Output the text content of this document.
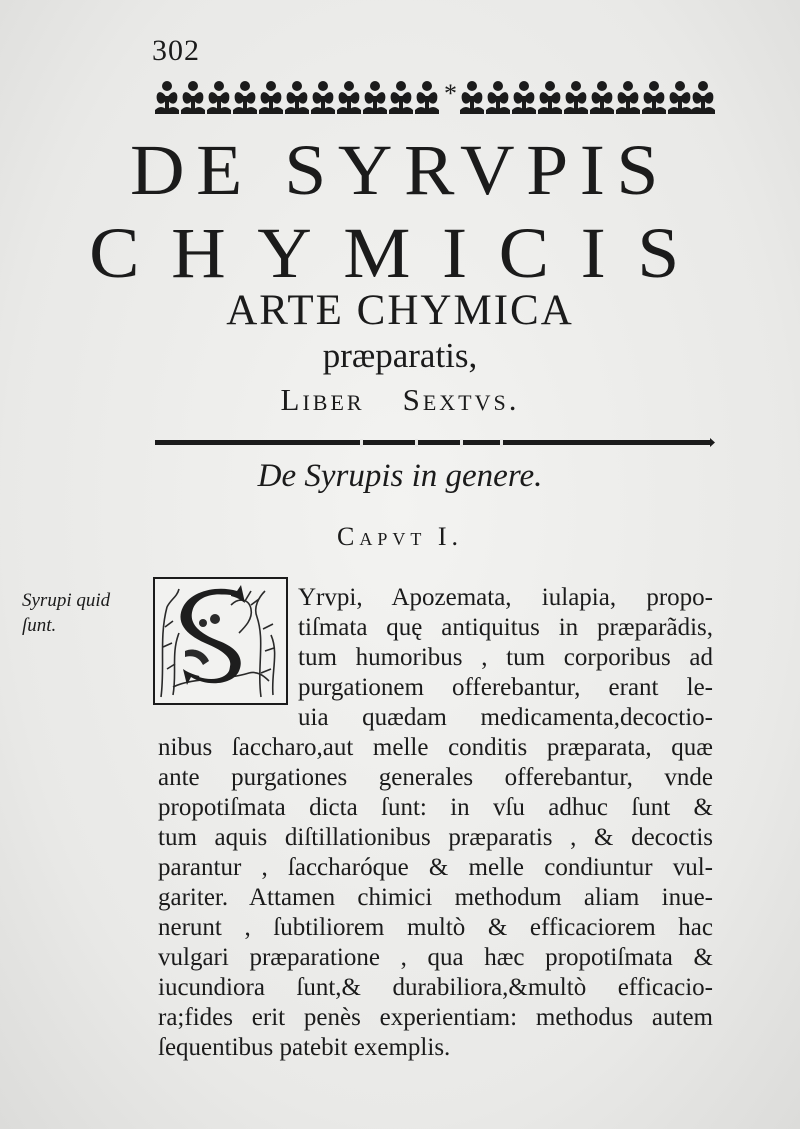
302
*
DE SYRVPIS
CHYMICIS
ARTE CHYMICA
præparatis,
Liber Sextvs.
De Syrupis in genere.
Capvt I.
Syrupi quid
ſunt.
Yrvpi, Apozemata, iulapia, propo-
tiſmata quę antiquitus in præparãdis,
tum humoribus , tum corporibus ad
purgationem offerebantur, erant le-
uia quædam medicamenta,decoctio-
nibus ſaccharo,aut melle conditis præparata, quæ
ante purgationes generales offerebantur, vnde
propotiſmata dicta ſunt: in vſu adhuc ſunt &
tum aquis diſtillationibus præparatis , & decoctis
parantur , ſaccharóque & melle condiuntur vul-
gariter. Attamen chimici methodum aliam inue-
nerunt , ſubtiliorem multò & efficaciorem hac
vulgari præparatione , qua hæc propotiſmata &
iucundiora ſunt,& durabiliora,&multò efficacio-
ra;fides erit penès experientiam: methodus autem
ſequentibus patebit exemplis.
